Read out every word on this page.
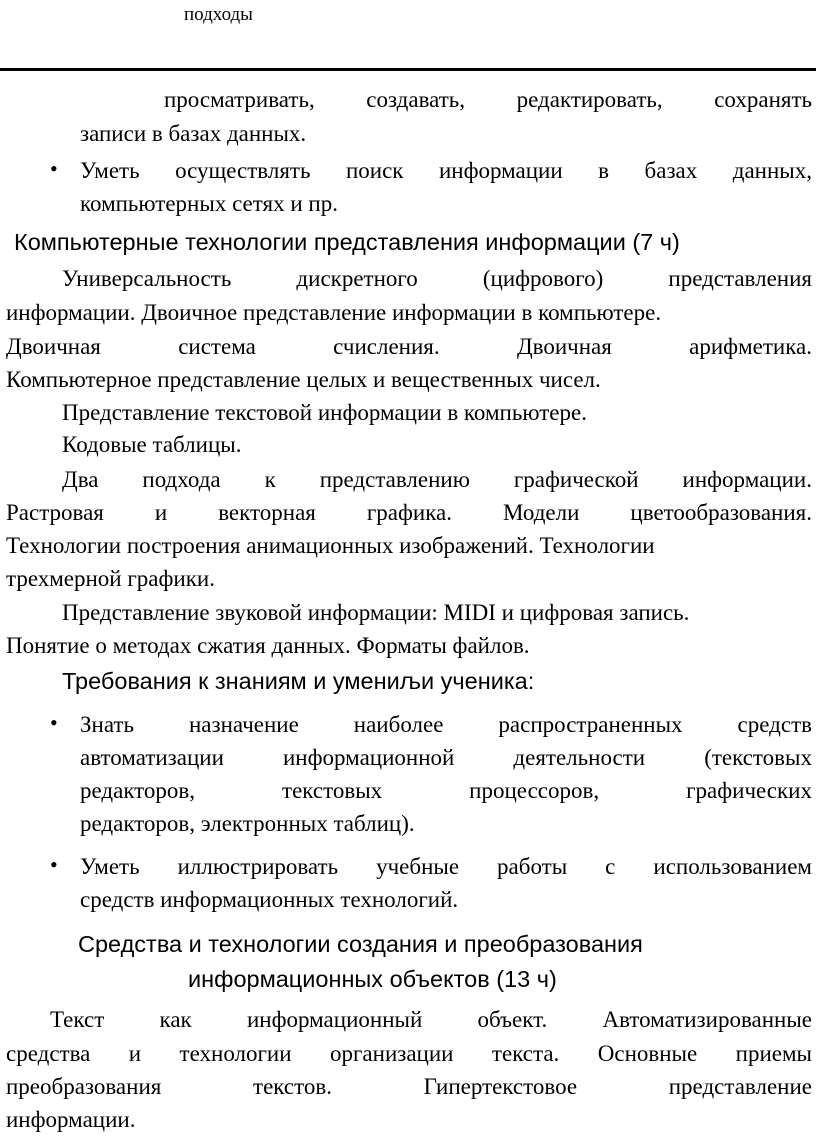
подходы
просматривать, создавать, редактировать, сохранять
записи в базах данных.
• Уметь осуществлять поиск информации в базах данных,
компьютерных сетях и пр.
Компьютерные технологии представления информации (7 ч)
Универсальность дискретного (цифрового) представления
информации. Двоичное представление информации в компьютере.
Двоичная система счисления. Двоичная арифметика.
Компьютерное представление целых и вещественных чисел.
Представление текстовой информации в компьютере.
Кодовые таблицы.
Два подхода к представлению графической информации.
Растровая и векторная графика. Модели цветообразования.
Технологии построения анимационных изображений. Технологии
трехмерной графики.
Представление звуковой информации: MIDI и цифровая запись.
Понятие о методах сжатия данных. Форматы файлов.
Требования к знаниям и умениљи ученика:
• Знать назначение наиболее распространенных средств
автоматизации информационной деятельности (текстовых
редакторов, текстовых процессоров, графических
редакторов, электронных таблиц).
• Уметь иллюстрировать учебные работы с использованием
средств информационных технологий.
Средства и технологии создания и преобразования
информационных объектов (13 ч)
Текст как информационный объект. Автоматизированные
средства и технологии организации текста. Основные приемы
преобразования текстов. Гипертекстовое представление
информации.
